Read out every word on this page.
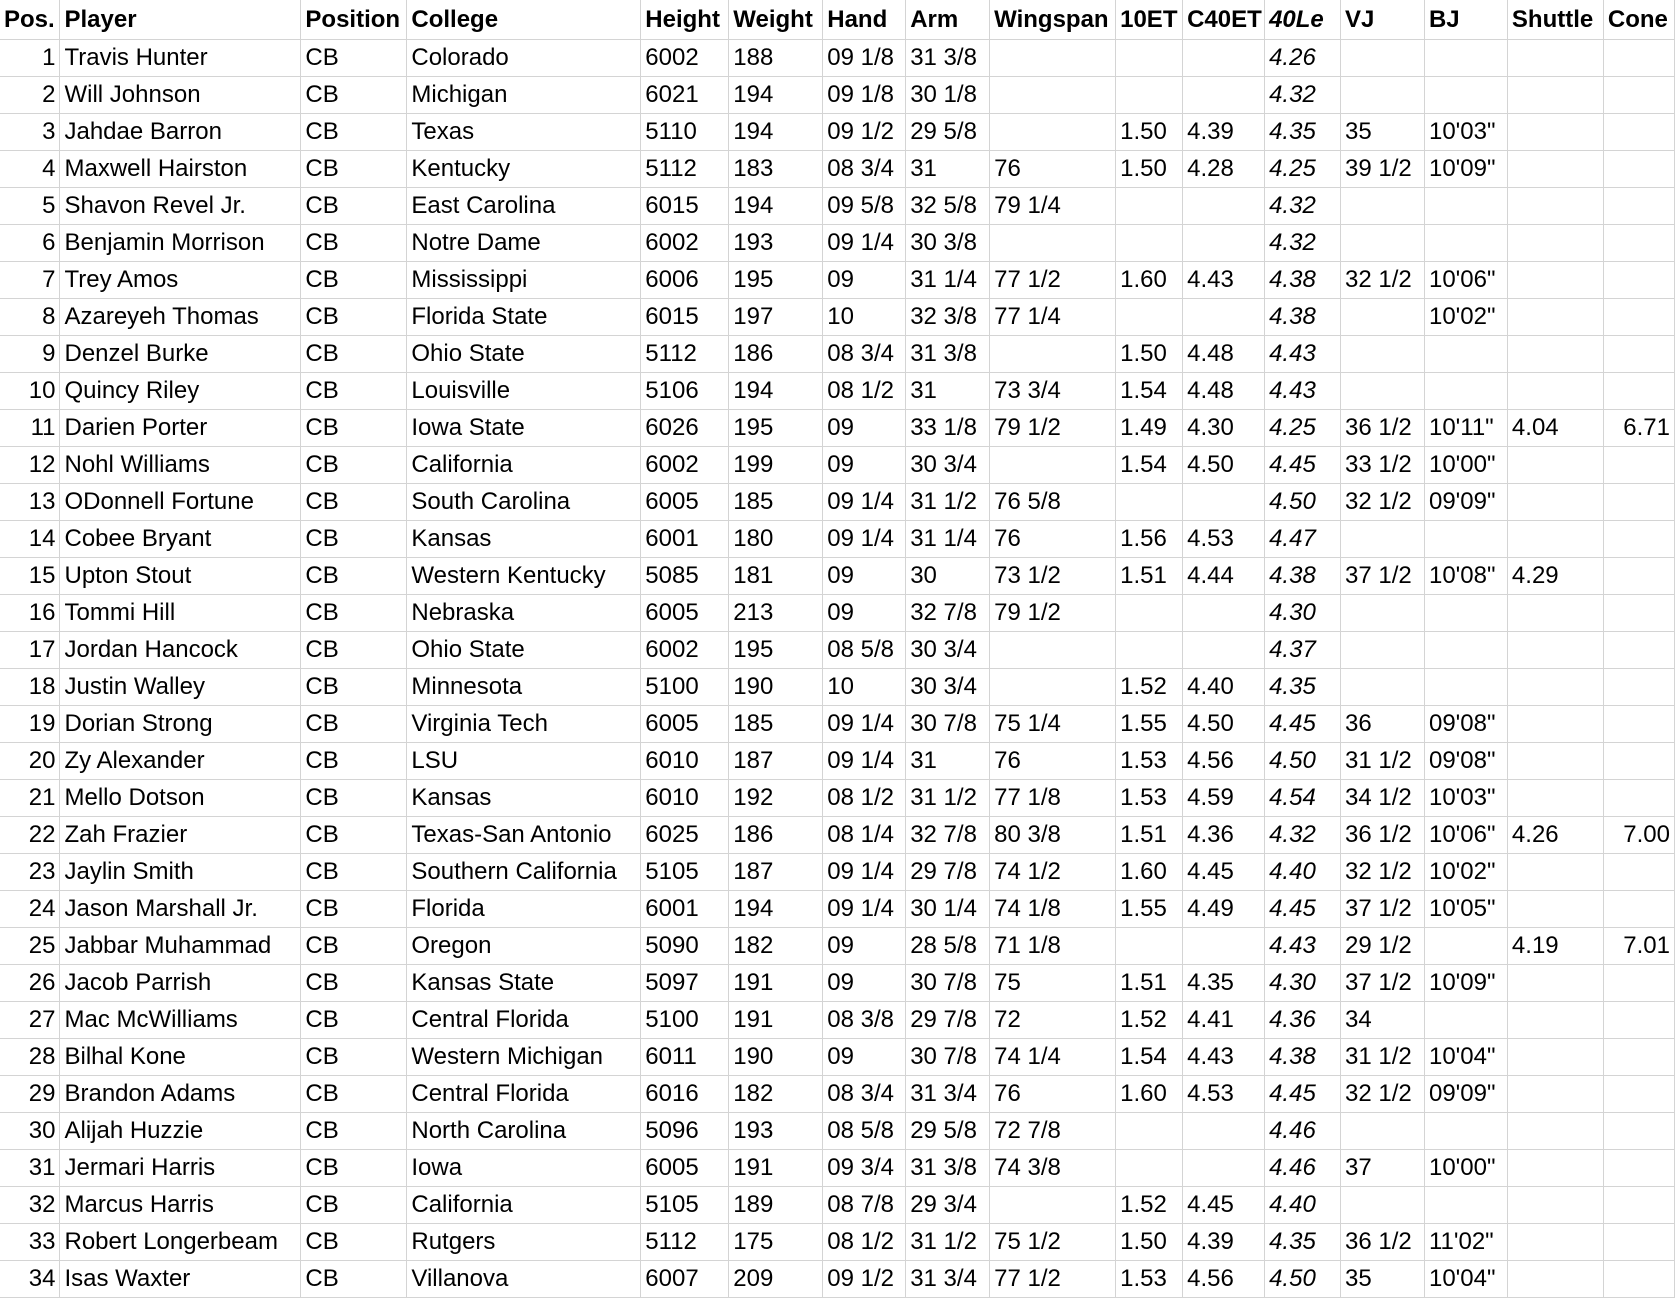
Pos.	Player	Position	College	Height	Weight	Hand	Arm	Wingspan	10ET	C40ET	40Le	VJ	BJ	Shuttle	Cone
1	Travis Hunter	CB	Colorado	6002	188	09 1/8	31 3/8				4.26				
2	Will Johnson	CB	Michigan	6021	194	09 1/8	30 1/8				4.32				
3	Jahdae Barron	CB	Texas	5110	194	09 1/2	29 5/8		1.50	4.39	4.35	35	10'03"		
4	Maxwell Hairston	CB	Kentucky	5112	183	08 3/4	31	76	1.50	4.28	4.25	39 1/2	10'09"		
5	Shavon Revel Jr.	CB	East Carolina	6015	194	09 5/8	32 5/8	79 1/4			4.32				
6	Benjamin Morrison	CB	Notre Dame	6002	193	09 1/4	30 3/8				4.32				
7	Trey Amos	CB	Mississippi	6006	195	09	31 1/4	77 1/2	1.60	4.43	4.38	32 1/2	10'06"		
8	Azareyeh Thomas	CB	Florida State	6015	197	10	32 3/8	77 1/4			4.38		10'02"		
9	Denzel Burke	CB	Ohio State	5112	186	08 3/4	31 3/8		1.50	4.48	4.43				
10	Quincy Riley	CB	Louisville	5106	194	08 1/2	31	73 3/4	1.54	4.48	4.43				
11	Darien Porter	CB	Iowa State	6026	195	09	33 1/8	79 1/2	1.49	4.30	4.25	36 1/2	10'11"	4.04	6.71
12	Nohl Williams	CB	California	6002	199	09	30 3/4		1.54	4.50	4.45	33 1/2	10'00"		
13	ODonnell Fortune	CB	South Carolina	6005	185	09 1/4	31 1/2	76 5/8			4.50	32 1/2	09'09"		
14	Cobee Bryant	CB	Kansas	6001	180	09 1/4	31 1/4	76	1.56	4.53	4.47				
15	Upton Stout	CB	Western Kentucky	5085	181	09	30	73 1/2	1.51	4.44	4.38	37 1/2	10'08"	4.29	
16	Tommi Hill	CB	Nebraska	6005	213	09	32 7/8	79 1/2			4.30				
17	Jordan Hancock	CB	Ohio State	6002	195	08 5/8	30 3/4				4.37				
18	Justin Walley	CB	Minnesota	5100	190	10	30 3/4		1.52	4.40	4.35				
19	Dorian Strong	CB	Virginia Tech	6005	185	09 1/4	30 7/8	75 1/4	1.55	4.50	4.45	36	09'08"		
20	Zy Alexander	CB	LSU	6010	187	09 1/4	31	76	1.53	4.56	4.50	31 1/2	09'08"		
21	Mello Dotson	CB	Kansas	6010	192	08 1/2	31 1/2	77 1/8	1.53	4.59	4.54	34 1/2	10'03"		
22	Zah Frazier	CB	Texas-San Antonio	6025	186	08 1/4	32 7/8	80 3/8	1.51	4.36	4.32	36 1/2	10'06"	4.26	7.00
23	Jaylin Smith	CB	Southern California	5105	187	09 1/4	29 7/8	74 1/2	1.60	4.45	4.40	32 1/2	10'02"		
24	Jason Marshall Jr.	CB	Florida	6001	194	09 1/4	30 1/4	74 1/8	1.55	4.49	4.45	37 1/2	10'05"		
25	Jabbar Muhammad	CB	Oregon	5090	182	09	28 5/8	71 1/8			4.43	29 1/2		4.19	7.01
26	Jacob Parrish	CB	Kansas State	5097	191	09	30 7/8	75	1.51	4.35	4.30	37 1/2	10'09"		
27	Mac McWilliams	CB	Central Florida	5100	191	08 3/8	29 7/8	72	1.52	4.41	4.36	34			
28	Bilhal Kone	CB	Western Michigan	6011	190	09	30 7/8	74 1/4	1.54	4.43	4.38	31 1/2	10'04"		
29	Brandon Adams	CB	Central Florida	6016	182	08 3/4	31 3/4	76	1.60	4.53	4.45	32 1/2	09'09"		
30	Alijah Huzzie	CB	North Carolina	5096	193	08 5/8	29 5/8	72 7/8			4.46				
31	Jermari Harris	CB	Iowa	6005	191	09 3/4	31 3/8	74 3/8			4.46	37	10'00"		
32	Marcus Harris	CB	California	5105	189	08 7/8	29 3/4		1.52	4.45	4.40				
33	Robert Longerbeam	CB	Rutgers	5112	175	08 1/2	31 1/2	75 1/2	1.50	4.39	4.35	36 1/2	11'02"		
34	Isas Waxter	CB	Villanova	6007	209	09 1/2	31 3/4	77 1/2	1.53	4.56	4.50	35	10'04"		
